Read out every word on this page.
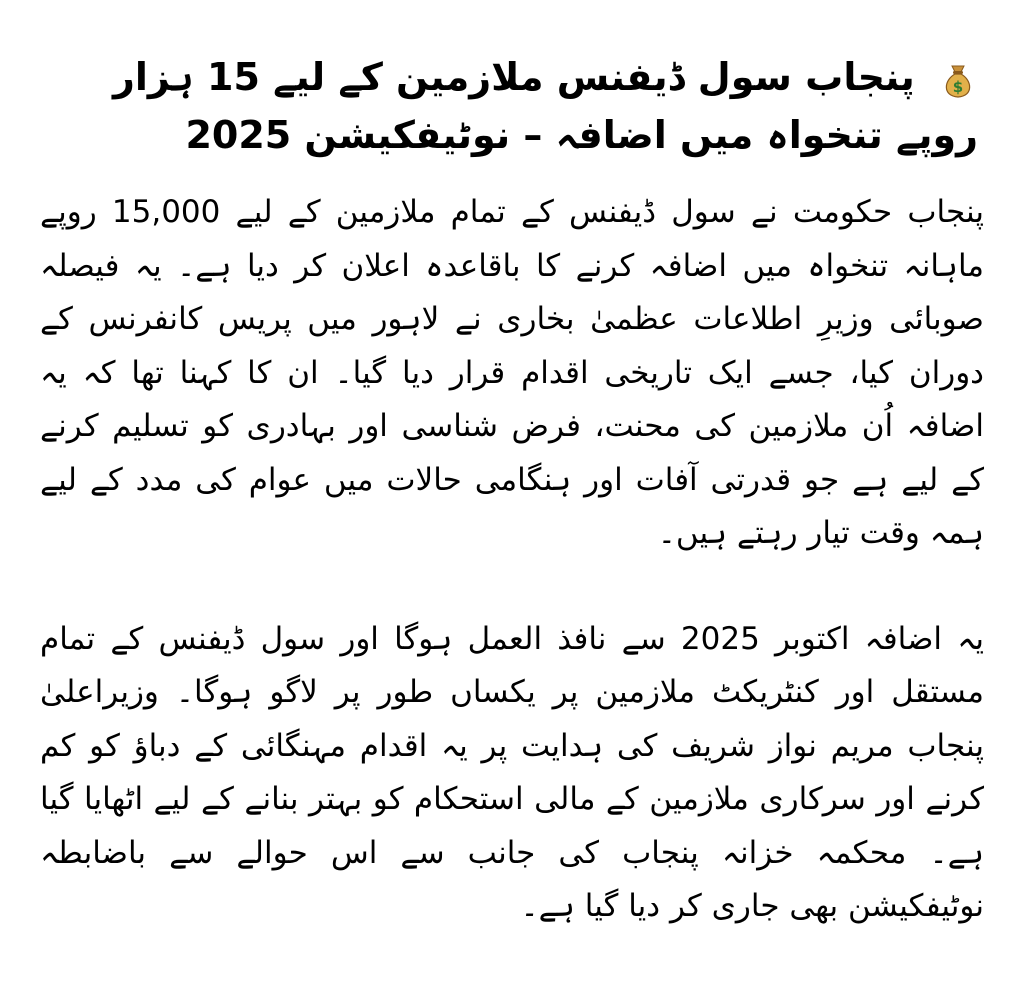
$
پنجاب سول ڈیفنس ملازمین کے لیے 15 ہزار روپے تنخواہ میں اضافہ – نوٹیفکیشن 2025

پنجاب حکومت نے سول ڈیفنس کے تمام ملازمین کے لیے 15,000 روپے ماہانہ تنخواہ میں اضافہ کرنے کا باقاعدہ اعلان کر دیا ہے۔ یہ فیصلہ صوبائی وزیرِ اطلاعات عظمیٰ بخاری نے لاہور میں پریس کانفرنس کے دوران کیا، جسے ایک تاریخی اقدام قرار دیا گیا۔ ان کا کہنا تھا کہ یہ اضافہ اُن ملازمین کی محنت، فرض شناسی اور بہادری کو تسلیم کرنے کے لیے ہے جو قدرتی آفات اور ہنگامی حالات میں عوام کی مدد کے لیے ہمہ وقت تیار رہتے ہیں۔

یہ اضافہ اکتوبر 2025 سے نافذ العمل ہوگا اور سول ڈیفنس کے تمام مستقل اور کنٹریکٹ ملازمین پر یکساں طور پر لاگو ہوگا۔ وزیراعلیٰ پنجاب مریم نواز شریف کی ہدایت پر یہ اقدام مہنگائی کے دباؤ کو کم کرنے اور سرکاری ملازمین کے مالی استحکام کو بہتر بنانے کے لیے اٹھایا گیا ہے۔ محکمہ خزانہ پنجاب کی جانب سے اس حوالے سے باضابطہ نوٹیفکیشن بھی جاری کر دیا گیا ہے۔
